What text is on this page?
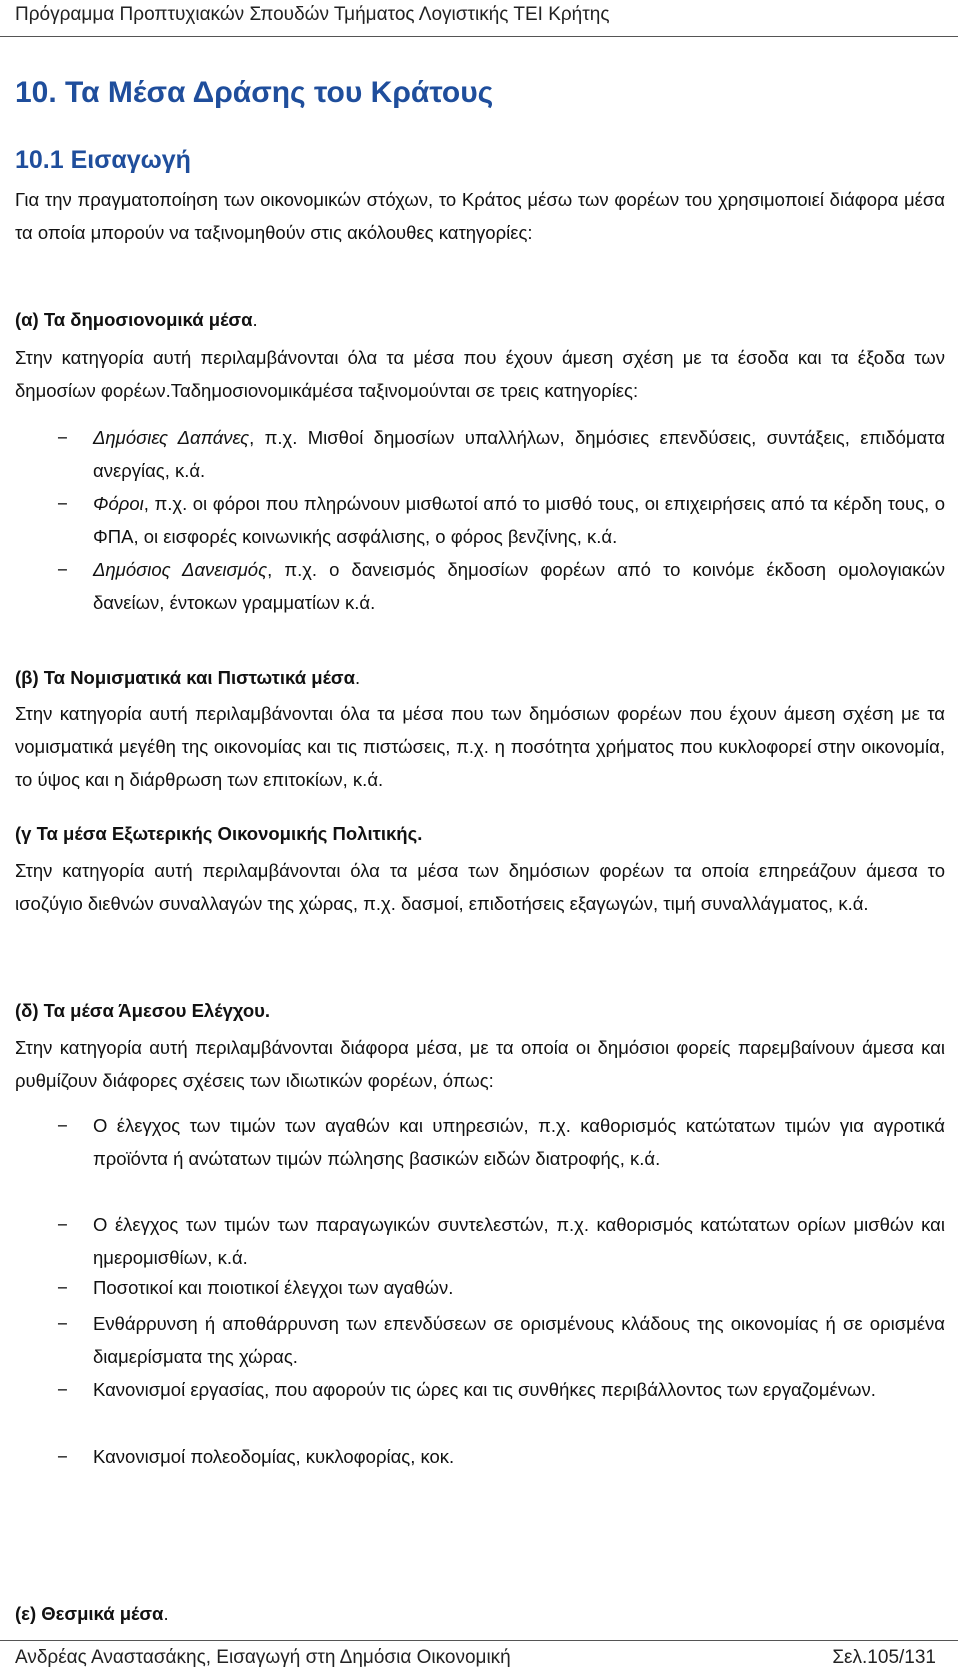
Πρόγραμμα Προπτυχιακών Σπουδών Τμήματος Λογιστικής ΤΕΙ Κρήτης
10. Τα Μέσα Δράσης του Κράτους
10.1 Εισαγωγή
Για την πραγματοποίηση των οικονομικών στόχων, το Κράτος μέσω των φορέων του χρησιμοποιεί διάφορα μέσα τα οποία μπορούν να ταξινομηθούν στις ακόλουθες κατηγορίες:
(α) Τα δημοσιονομικά μέσα.
Στην κατηγορία αυτή περιλαμβάνονται όλα τα μέσα που έχουν άμεση σχέση με τα έσοδα και τα έξοδα των δημοσίων φορέων.Ταδημοσιονομικάμέσα ταξινομούνται σε τρεις κατηγορίες:
−	Δημόσιες Δαπάνες, π.χ. Μισθοί δημοσίων υπαλλήλων, δημόσιες επενδύσεις, συντάξεις, επιδόματα ανεργίας, κ.ά.
−	Φόροι, π.χ. οι φόροι που πληρώνουν μισθωτοί από το μισθό τους, οι επιχειρήσεις από τα κέρδη τους, ο ΦΠΑ, οι εισφορές κοινωνικής ασφάλισης, ο φόρος βενζίνης, κ.ά.
−	Δημόσιος Δανεισμός, π.χ. ο δανεισμός δημοσίων φορέων από το κοινόμε έκδοση ομολογιακών δανείων, έντοκων γραμματίων κ.ά.
(β) Τα Νομισματικά και Πιστωτικά μέσα.
Στην κατηγορία αυτή περιλαμβάνονται όλα τα μέσα που των δημόσιων φορέων που έχουν άμεση σχέση με τα νομισματικά μεγέθη της οικονομίας και τις πιστώσεις, π.χ. η ποσότητα χρήματος που κυκλοφορεί στην οικονομία, το ύψος και η διάρθρωση των επιτοκίων, κ.ά.
(γ Τα μέσα Εξωτερικής Οικονομικής Πολιτικής.
Στην κατηγορία αυτή περιλαμβάνονται όλα τα μέσα των δημόσιων φορέων τα οποία επηρεάζουν άμεσα το ισοζύγιο διεθνών συναλλαγών της χώρας, π.χ. δασμοί, επιδοτήσεις εξαγωγών, τιμή συναλλάγματος, κ.ά.
(δ) Τα μέσα Άμεσου Ελέγχου.
Στην κατηγορία αυτή περιλαμβάνονται διάφορα μέσα, με τα οποία οι δημόσιοι φορείς παρεμβαίνουν άμεσα και ρυθμίζουν διάφορες σχέσεις των ιδιωτικών φορέων, όπως:
−	Ο έλεγχος των τιμών των αγαθών και υπηρεσιών, π.χ. καθορισμός κατώτατων τιμών για αγροτικά προϊόντα ή ανώτατων τιμών πώλησης βασικών ειδών διατροφής, κ.ά.
−	Ο έλεγχος των τιμών των παραγωγικών συντελεστών, π.χ. καθορισμός κατώτατων ορίων μισθών και ημερομισθίων, κ.ά.
−	Ποσοτικοί και ποιοτικοί έλεγχοι των αγαθών.
−	Ενθάρρυνση ή αποθάρρυνση των επενδύσεων σε ορισμένους κλάδους της οικονομίας ή σε ορισμένα διαμερίσματα της χώρας.
−	Κανονισμοί εργασίας, που αφορούν τις ώρες και τις συνθήκες περιβάλλοντος των εργαζομένων.
−	Κανονισμοί πολεοδομίας, κυκλοφορίας, κοκ.
(ε) Θεσμικά μέσα.
Ανδρέας Αναστασάκης, Εισαγωγή στη Δημόσια Οικονομική	Σελ.105/131
